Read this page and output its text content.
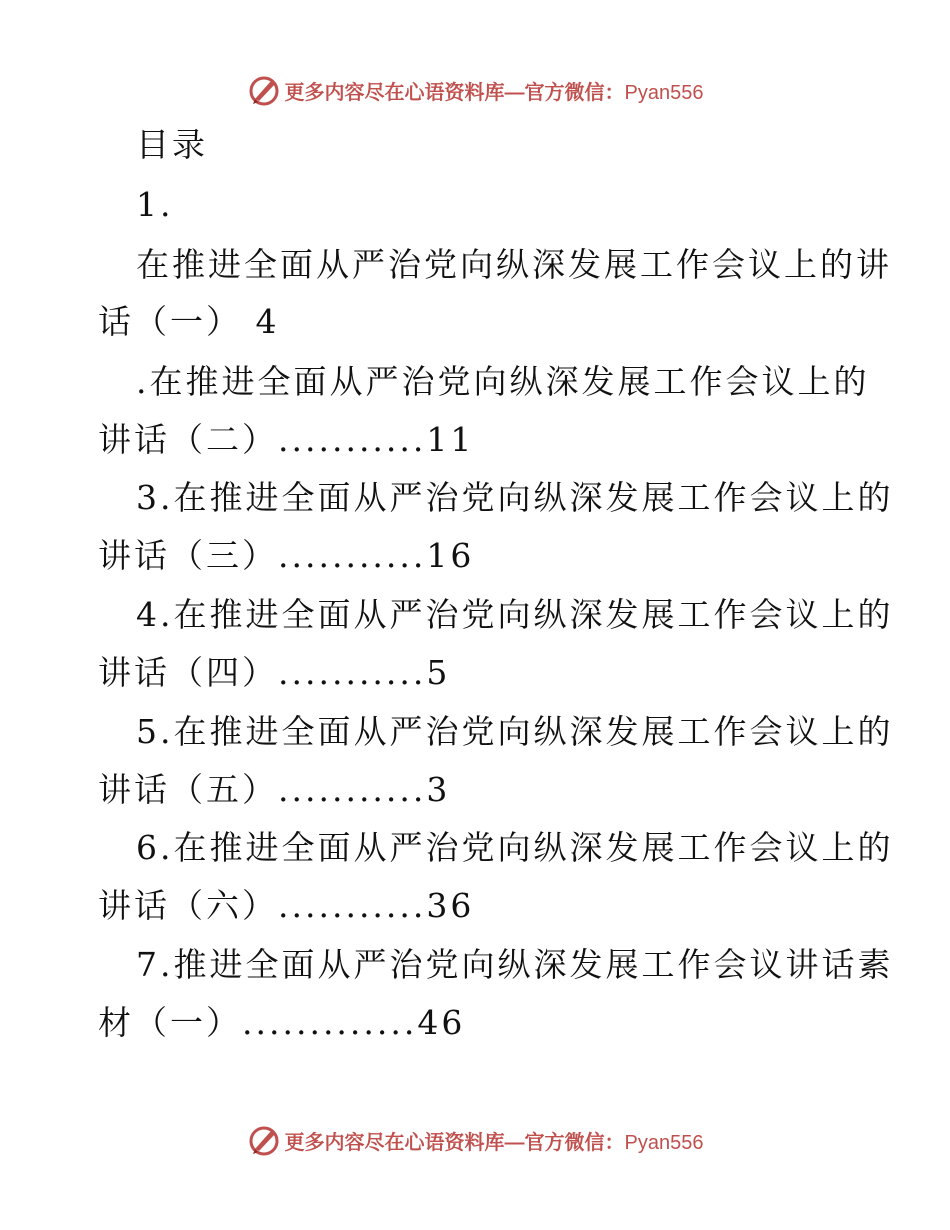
更多内容尽在心语资料库—官方微信：Pyan556
目录
1.
在推进全面从严治党向纵深发展工作会议上的讲
话（一） 4
.在推进全面从严治党向纵深发展工作会议上的
讲话（二）...........11
3.在推进全面从严治党向纵深发展工作会议上的
讲话（三）...........16
4.在推进全面从严治党向纵深发展工作会议上的
讲话（四）...........5
5.在推进全面从严治党向纵深发展工作会议上的
讲话（五）...........3
6.在推进全面从严治党向纵深发展工作会议上的
讲话（六）...........36
7.推进全面从严治党向纵深发展工作会议讲话素
材（一）.............46
更多内容尽在心语资料库—官方微信：Pyan556
